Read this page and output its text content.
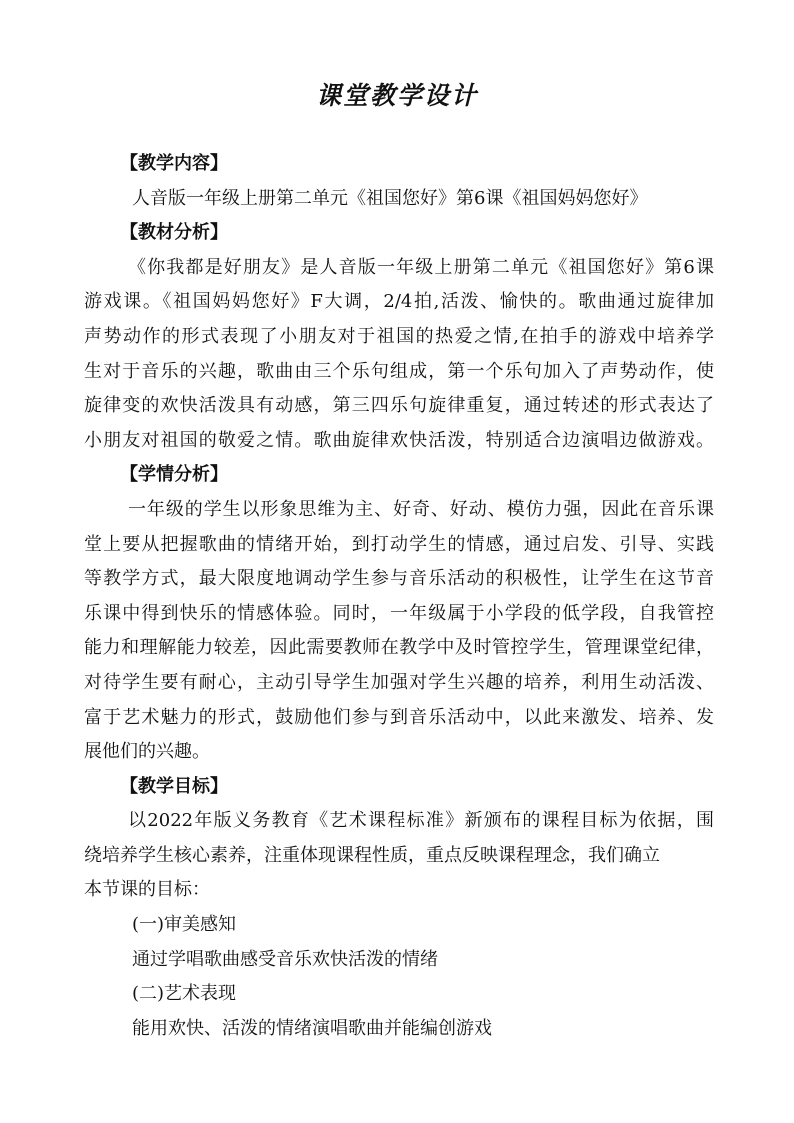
课堂教学设计
【教学内容】
人音版一年级上册第二单元《祖国您好》第6课《祖国妈妈您好》
【教材分析】
《你我都是好朋友》是人音版一年级上册第二单元《祖国您好》第6课
游戏课。《祖国妈妈您好》F大调，2/4拍,活泼、愉快的。歌曲通过旋律加
声势动作的形式表现了小朋友对于祖国的热爱之情,在拍手的游戏中培养学
生对于音乐的兴趣，歌曲由三个乐句组成，第一个乐句加入了声势动作，使
旋律变的欢快活泼具有动感，第三四乐句旋律重复，通过转述的形式表达了
小朋友对祖国的敬爱之情。歌曲旋律欢快活泼，特别适合边演唱边做游戏。
【学情分析】
一年级的学生以形象思维为主、好奇、好动、模仿力强，因此在音乐课
堂上要从把握歌曲的情绪开始，到打动学生的情感，通过启发、引导、实践
等教学方式，最大限度地调动学生参与音乐活动的积极性，让学生在这节音
乐课中得到快乐的情感体验。同时，一年级属于小学段的低学段，自我管控
能力和理解能力较差，因此需要教师在教学中及时管控学生，管理课堂纪律，
对待学生要有耐心，主动引导学生加强对学生兴趣的培养，利用生动活泼、
富于艺术魅力的形式，鼓励他们参与到音乐活动中，以此来激发、培养、发
展他们的兴趣。
【教学目标】
以2022年版义务教育《艺术课程标准》新颁布的课程目标为依据，围
绕培养学生核心素养，注重体现课程性质，重点反映课程理念，我们确立
本节课的目标：
(一)审美感知
通过学唱歌曲感受音乐欢快活泼的情绪
(二)艺术表现
能用欢快、活泼的情绪演唱歌曲并能编创游戏
